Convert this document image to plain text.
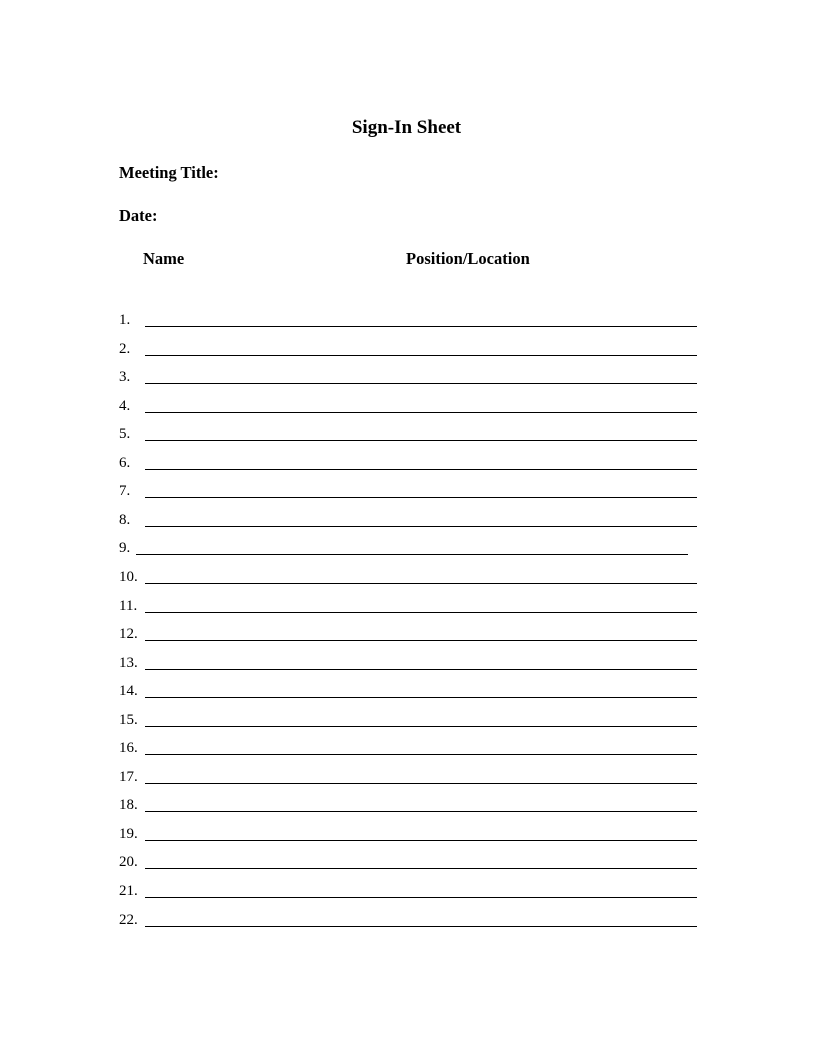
Sign-In Sheet
Meeting Title:
Date:
Name	Position/Location
1.
2.
3.
4.
5.
6.
7.
8.
9.
10.
11.
12.
13.
14.
15.
16.
17.
18.
19.
20.
21.
22.
